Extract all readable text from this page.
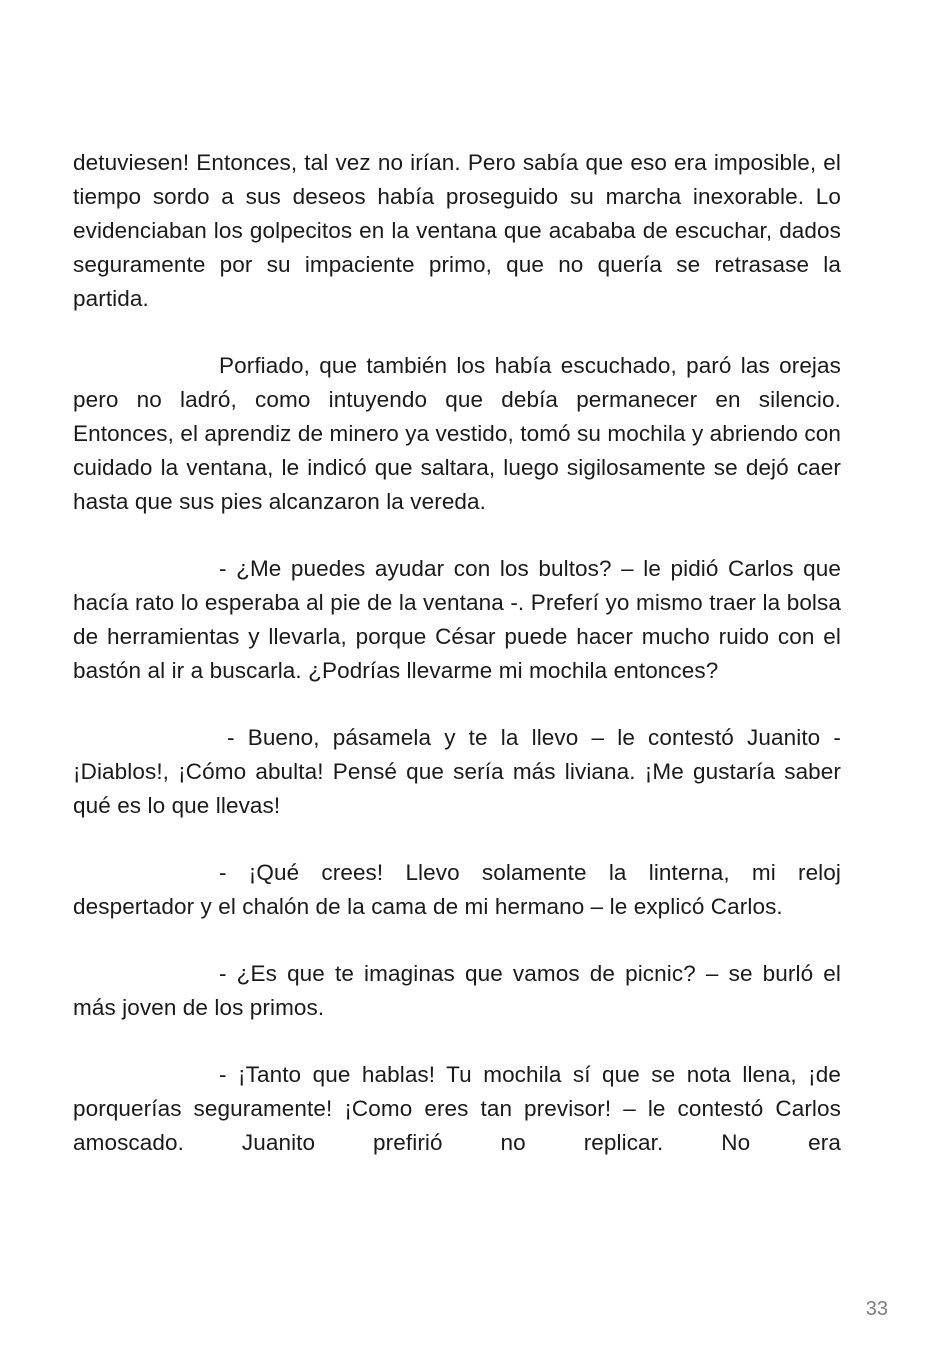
detuviesen! Entonces, tal vez no irían. Pero sabía que eso era imposible, el tiempo sordo a sus deseos había proseguido su marcha inexorable. Lo evidenciaban los golpecitos en la ventana que acababa de escuchar, dados seguramente por su impaciente primo, que no quería se retrasase la partida.

Porfiado, que también los había escuchado, paró las orejas pero no ladró, como intuyendo que debía permanecer en silencio. Entonces, el aprendiz de minero ya vestido, tomó su mochila y abriendo con cuidado la ventana, le indicó que saltara, luego sigilosamente se dejó caer hasta que sus pies alcanzaron la vereda.

- ¿Me puedes ayudar con los bultos? – le pidió Carlos que hacía rato lo esperaba al pie de la ventana -. Preferí yo mismo traer la bolsa de herramientas y llevarla, porque César puede hacer mucho ruido con el bastón al ir a buscarla. ¿Podrías llevarme mi mochila entonces?

- Bueno, pásamela y te la llevo – le contestó Juanito - ¡Diablos!, ¡Cómo abulta! Pensé que sería más liviana. ¡Me gustaría saber qué es lo que llevas!

- ¡Qué crees! Llevo solamente la linterna, mi reloj despertador y el chalón de la cama de mi hermano – le explicó Carlos.

- ¿Es que te imaginas que vamos de picnic? – se burló el más joven de los primos.

- ¡Tanto que hablas! Tu mochila sí que se nota llena, ¡de porquerías seguramente! ¡Como eres tan previsor! – le contestó Carlos amoscado. Juanito prefirió no replicar. No era

33
